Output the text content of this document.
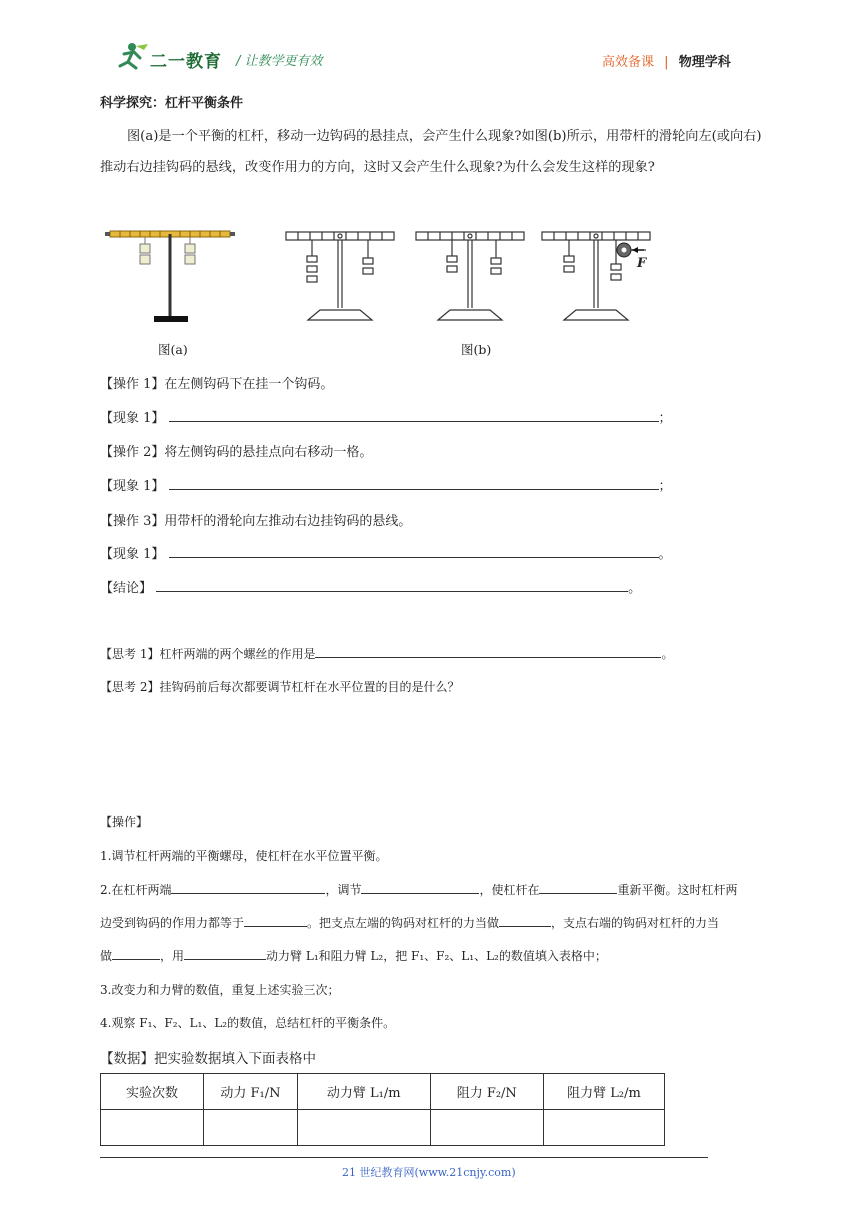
二一教育 / 让教学更有效	高效备课 | 物理学科
科学探究：杠杆平衡条件
图(a)是一个平衡的杠杆，移动一边钩码的悬挂点，会产生什么现象?如图(b)所示，用带杆的滑轮向左(或向右)推动右边挂钩码的悬线，改变作用力的方向，这时又会产生什么现象?为什么会发生这样的现象?
图(a)
F
图(b)
【操作 1】在左侧钩码下在挂一个钩码。
【现象 1】	；
【操作 2】将左侧钩码的悬挂点向右移动一格。
【现象 1】	；
【操作 3】用带杆的滑轮向左推动右边挂钩码的悬线。
【现象 1】	。
【结论】	。
【思考 1】杠杆两端的两个螺丝的作用是	。
【思考 2】挂钩码前后每次都要调节杠杆在水平位置的目的是什么？
【操作】
1.调节杠杆两端的平衡螺母，使杠杆在水平位置平衡。
2.在杠杆两端	，调节	，使杠杆在	重新平衡。这时杠杆两
边受到钩码的作用力都等于	。把支点左端的钩码对杠杆的力当做	，支点右端的钩码对杠杆的力当
做	，用	动力臂 L₁和阻力臂 L₂，把 F₁、F₂、L₁、L₂的数值填入表格中；
3.改变力和力臂的数值，重复上述实验三次；
4.观察 F₁、F₂、L₁、L₂的数值，总结杠杆的平衡条件。
【数据】把实验数据填入下面表格中
实验次数	动力 F₁/N	动力臂 L₁/m	阻力 F₂/N	阻力臂 L₂/m

21 世纪教育网(www.21cnjy.com)
